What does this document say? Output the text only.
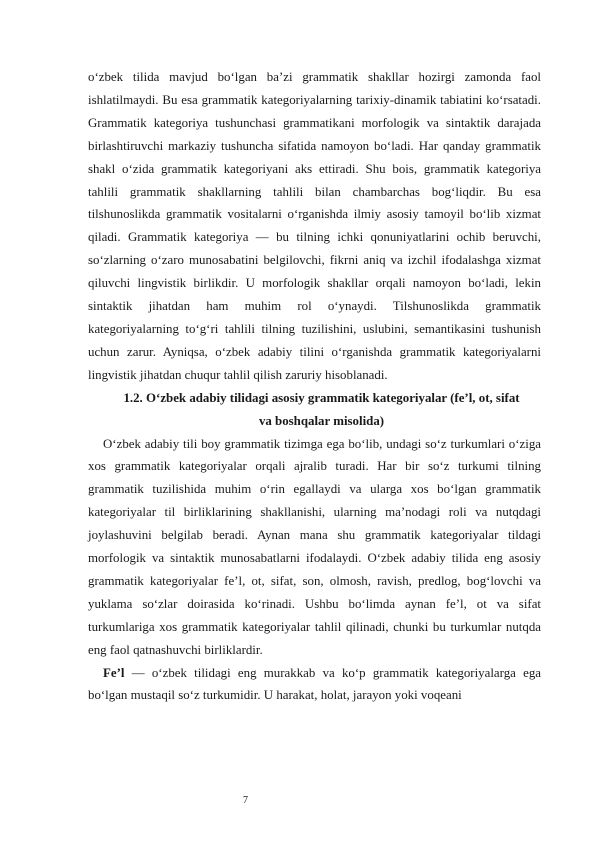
o‘zbek tilida mavjud bo‘lgan ba’zi grammatik shakllar hozirgi zamonda faol ishlatilmaydi. Bu esa grammatik kategoriyalarning tarixiy-dinamik tabiatini ko‘rsatadi. Grammatik kategoriya tushunchasi grammatikani morfologik va sintaktik darajada birlashtiruvchi markaziy tushuncha sifatida namoyon bo‘ladi. Har qanday grammatik shakl o‘zida grammatik kategoriyani aks ettiradi. Shu bois, grammatik kategoriya tahlili grammatik shakllarning tahlili bilan chambarchas bog‘liqdir. Bu esa tilshunoslikda grammatik vositalarni o‘rganishda ilmiy asosiy tamoyil bo‘lib xizmat qiladi. Grammatik kategoriya — bu tilning ichki qonuniyatlarini ochib beruvchi, so‘zlarning o‘zaro munosabatini belgilovchi, fikrni aniq va izchil ifodalashga xizmat qiluvchi lingvistik birlikdir. U morfologik shakllar orqali namoyon bo‘ladi, lekin sintaktik jihatdan ham muhim rol o‘ynaydi. Tilshunoslikda grammatik kategoriyalarning to‘g‘ri tahlili tilning tuzilishini, uslubini, semantikasini tushunish uchun zarur. Ayniqsa, o‘zbek adabiy tilini o‘rganishda grammatik kategoriyalarni lingvistik jihatdan chuqur tahlil qilish zaruriy hisoblanadi.

1.2. O‘zbek adabiy tilidagi asosiy grammatik kategoriyalar (fe’l, ot, sifat
va boshqalar misolida)

O‘zbek adabiy tili boy grammatik tizimga ega bo‘lib, undagi so‘z turkumlari o‘ziga xos grammatik kategoriyalar orqali ajralib turadi. Har bir so‘z turkumi tilning grammatik tuzilishida muhim o‘rin egallaydi va ularga xos bo‘lgan grammatik kategoriyalar til birliklarining shakllanishi, ularning ma’nodagi roli va nutqdagi joylashuvini belgilab beradi. Aynan mana shu grammatik kategoriyalar tildagi morfologik va sintaktik munosabatlarni ifodalaydi. O‘zbek adabiy tilida eng asosiy grammatik kategoriyalar fe’l, ot, sifat, son, olmosh, ravish, predlog, bog‘lovchi va yuklama so‘zlar doirasida ko‘rinadi. Ushbu bo‘limda aynan fe’l, ot va sifat turkumlariga xos grammatik kategoriyalar tahlil qilinadi, chunki bu turkumlar nutqda eng faol qatnashuvchi birliklardir.

Fe’l — o‘zbek tilidagi eng murakkab va ko‘p grammatik kategoriyalarga ega bo‘lgan mustaqil so‘z turkumidir. U harakat, holat, jarayon yoki voqeani

7
